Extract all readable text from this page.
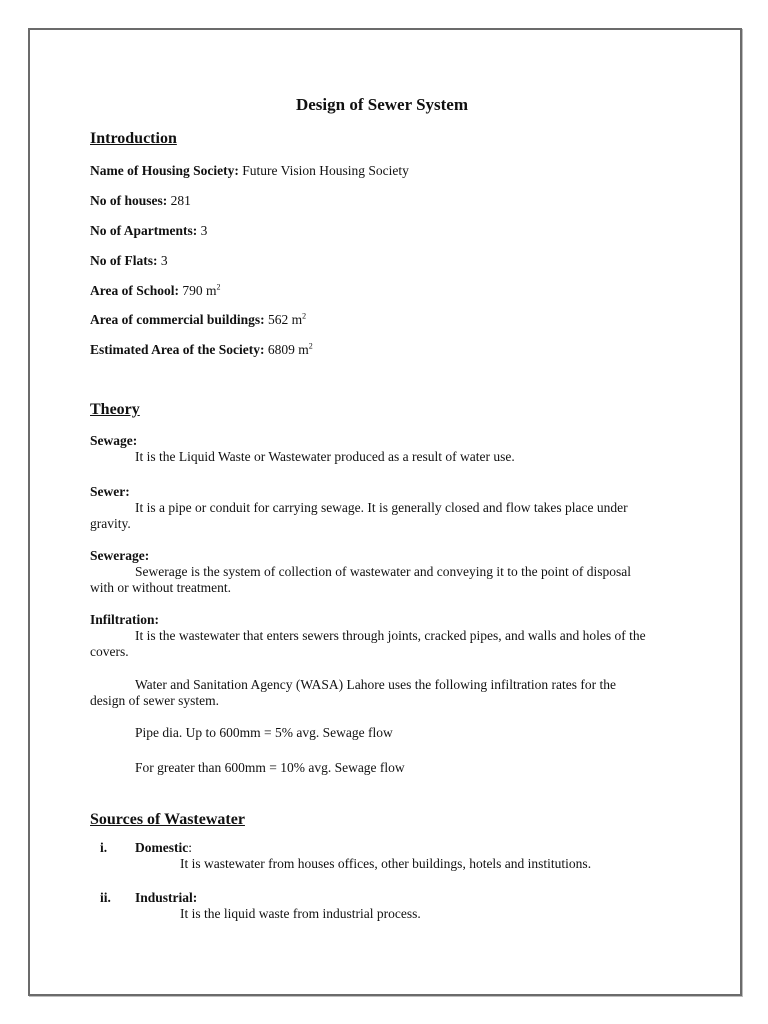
Design of Sewer System
Introduction
Name of Housing Society: Future Vision Housing Society
No of houses: 281
No of Apartments: 3
No of Flats: 3
Area of School: 790 $m^2$
Area of commercial buildings: 562 $m^2$
Estimated Area of the Society: 6809 $m^2$
Theory
Sewage:
It is the Liquid Waste or Wastewater produced as a result of water use.
Sewer:
It is a pipe or conduit for carrying sewage. It is generally closed and flow takes place under gravity.
Sewerage:
Sewerage is the system of collection of wastewater and conveying it to the point of disposal with or without treatment.
Infiltration:
It is the wastewater that enters sewers through joints, cracked pipes, and walls and holes of the covers.
Water and Sanitation Agency (WASA) Lahore uses the following infiltration rates for the design of sewer system.
Pipe dia. Up to 600mm = 5% avg. Sewage flow
For greater than 600mm = 10% avg. Sewage flow
Sources of Wastewater
i. Domestic:
It is wastewater from houses offices, other buildings, hotels and institutions.
ii. Industrial:
It is the liquid waste from industrial process.
